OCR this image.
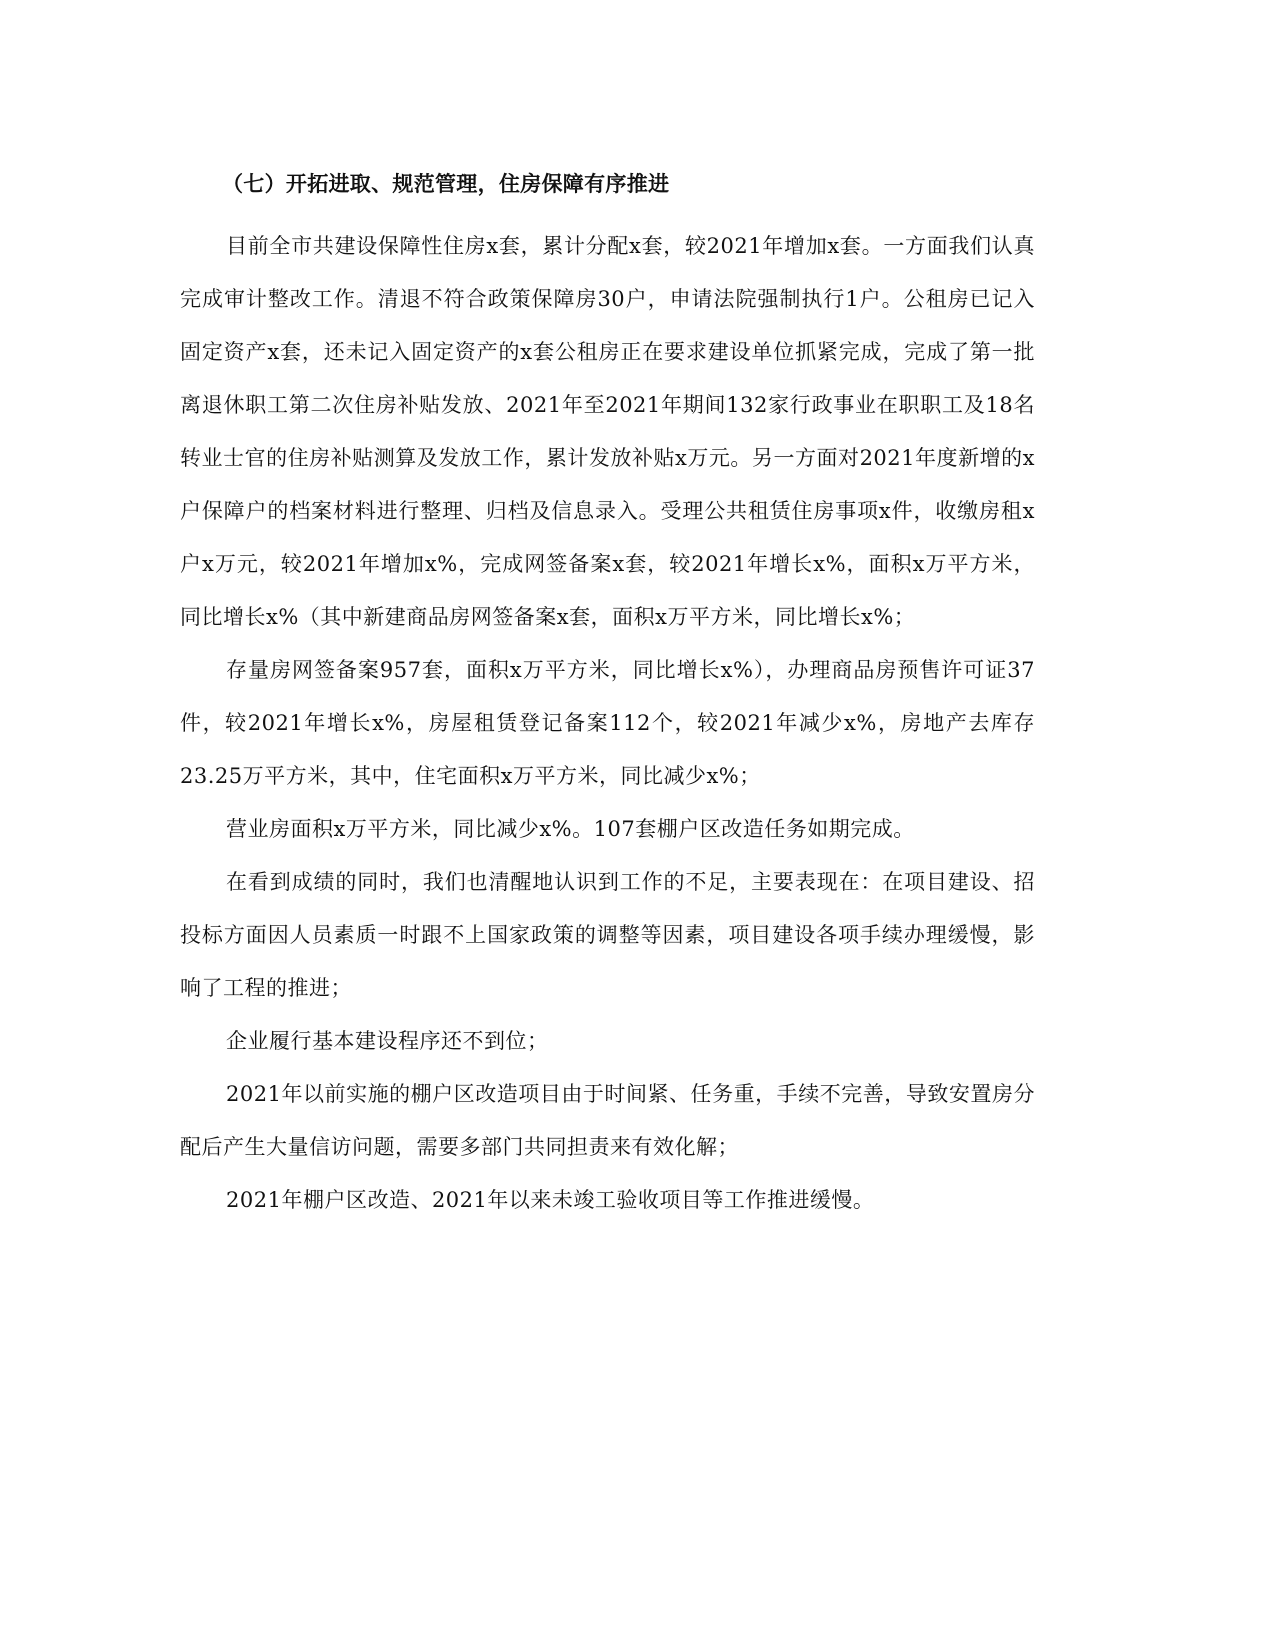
（七）开拓进取、规范管理，住房保障有序推进

目前全市共建设保障性住房x套，累计分配x套，较2021年增加x套。一方面我们认真完成审计整改工作。清退不符合政策保障房30户，申请法院强制执行1户。公租房已记入固定资产x套，还未记入固定资产的x套公租房正在要求建设单位抓紧完成，完成了第一批离退休职工第二次住房补贴发放、2021年至2021年期间132家行政事业在职职工及18名转业士官的住房补贴测算及发放工作，累计发放补贴x万元。另一方面对2021年度新增的x户保障户的档案材料进行整理、归档及信息录入。受理公共租赁住房事项x件，收缴房租x户x万元，较2021年增加x%，完成网签备案x套，较2021年增长x%，面积x万平方米，同比增长x%（其中新建商品房网签备案x套，面积x万平方米，同比增长x%；

存量房网签备案957套，面积x万平方米，同比增长x%），办理商品房预售许可证37件，较2021年增长x%，房屋租赁登记备案112个，较2021年减少x%，房地产去库存23.25万平方米，其中，住宅面积x万平方米，同比减少x%；

营业房面积x万平方米，同比减少x%。107套棚户区改造任务如期完成。

在看到成绩的同时，我们也清醒地认识到工作的不足，主要表现在：在项目建设、招投标方面因人员素质一时跟不上国家政策的调整等因素，项目建设各项手续办理缓慢，影响了工程的推进；

企业履行基本建设程序还不到位；

2021年以前实施的棚户区改造项目由于时间紧、任务重，手续不完善，导致安置房分配后产生大量信访问题，需要多部门共同担责来有效化解；

2021年棚户区改造、2021年以来未竣工验收项目等工作推进缓慢。
